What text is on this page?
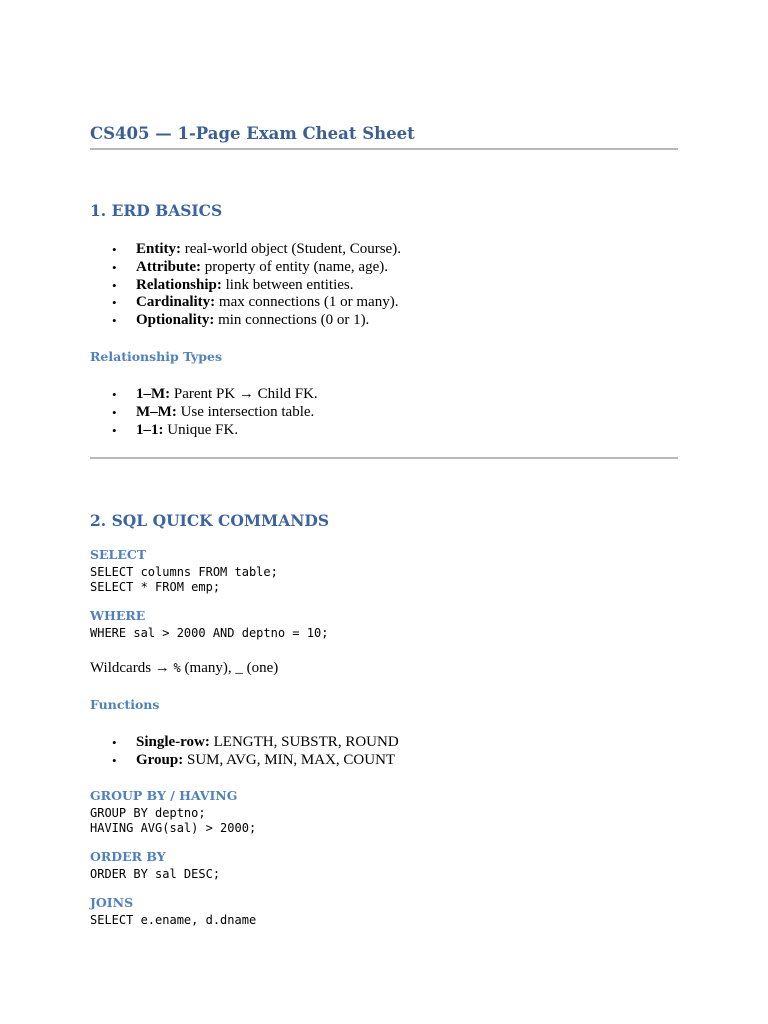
CS405 — 1-Page Exam Cheat Sheet
1. ERD BASICS
• Entity: real-world object (Student, Course).
• Attribute: property of entity (name, age).
• Relationship: link between entities.
• Cardinality: max connections (1 or many).
• Optionality: min connections (0 or 1).
Relationship Types
• 1–M: Parent PK → Child FK.
• M–M: Use intersection table.
• 1–1: Unique FK.
2. SQL QUICK COMMANDS
SELECT
SELECT columns FROM table;
SELECT * FROM emp;
WHERE
WHERE sal > 2000 AND deptno = 10;

Wildcards → % (many), _ (one)

Functions
• Single-row: LENGTH, SUBSTR, ROUND
• Group: SUM, AVG, MIN, MAX, COUNT
GROUP BY / HAVING
GROUP BY deptno;
HAVING AVG(sal) > 2000;
ORDER BY
ORDER BY sal DESC;
JOINS
SELECT e.ename, d.dname
